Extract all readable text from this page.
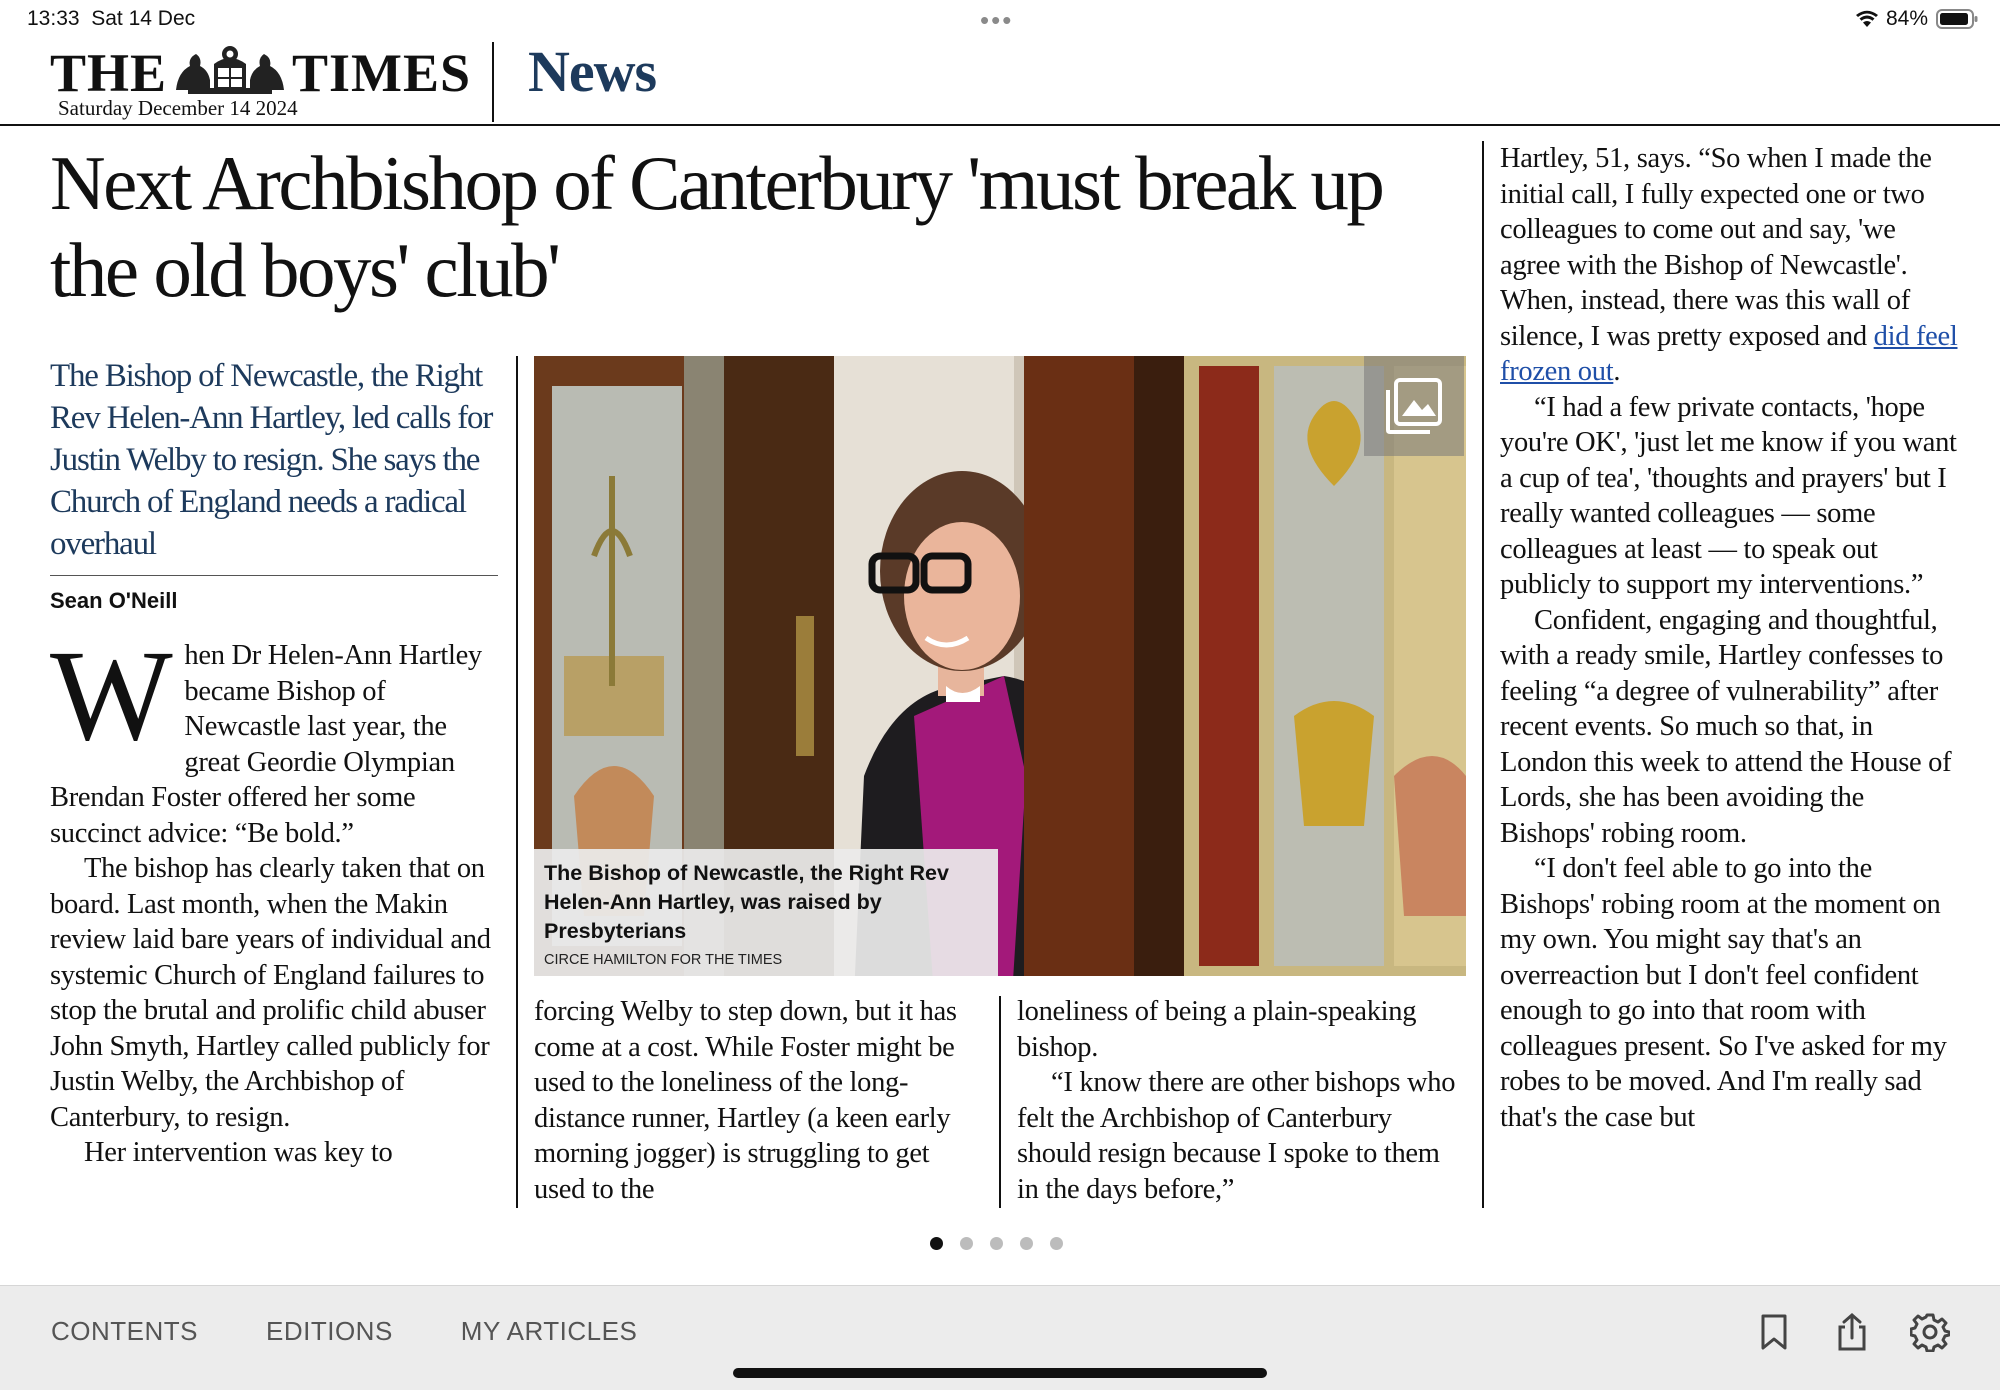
13:33 Sat 14 Dec	•••	84%
THE TIMES
Saturday December 14 2024
News
Next Archbishop of Canterbury 'must break up the old boys' club'

The Bishop of Newcastle, the Right Rev Helen-Ann Hartley, led calls for Justin Welby to resign. She says the Church of England needs a radical overhaul

Sean O'Neill

When Dr Helen-Ann Hartley became Bishop of Newcastle last year, the great Geordie Olympian Brendan Foster offered her some succinct advice: “Be bold.”

The bishop has clearly taken that on board. Last month, when the Makin review laid bare years of individual and systemic Church of England failures to stop the brutal and prolific child abuser John Smyth, Hartley called publicly for Justin Welby, the Archbishop of Canterbury, to resign.

Her intervention was key to

The Bishop of Newcastle, the Right Rev Helen-Ann Hartley, was raised by Presbyterians
CIRCE HAMILTON FOR THE TIMES

forcing Welby to step down, but it has come at a cost. While Foster might be used to the loneliness of the long-distance runner, Hartley (a keen early morning jogger) is struggling to get used to the

loneliness of being a plain-speaking bishop.

“I know there are other bishops who felt the Archbishop of Canterbury should resign because I spoke to them in the days before,”

Hartley, 51, says. “So when I made the initial call, I fully expected one or two colleagues to come out and say, 'we agree with the Bishop of Newcastle'. When, instead, there was this wall of silence, I was pretty exposed and did feel frozen out.

“I had a few private contacts, 'hope you're OK', 'just let me know if you want a cup of tea', 'thoughts and prayers' but I really wanted colleagues — some colleagues at least — to speak out publicly to support my interventions.”

Confident, engaging and thoughtful, with a ready smile, Hartley confesses to feeling “a degree of vulnerability” after recent events. So much so that, in London this week to attend the House of Lords, she has been avoiding the Bishops' robing room.

“I don't feel able to go into the Bishops' robing room at the moment on my own. You might say that's an overreaction but I don't feel confident enough to go into that room with colleagues present. So I've asked for my robes to be moved. And I'm really sad that's the case but

CONTENTS	EDITIONS	MY ARTICLES
